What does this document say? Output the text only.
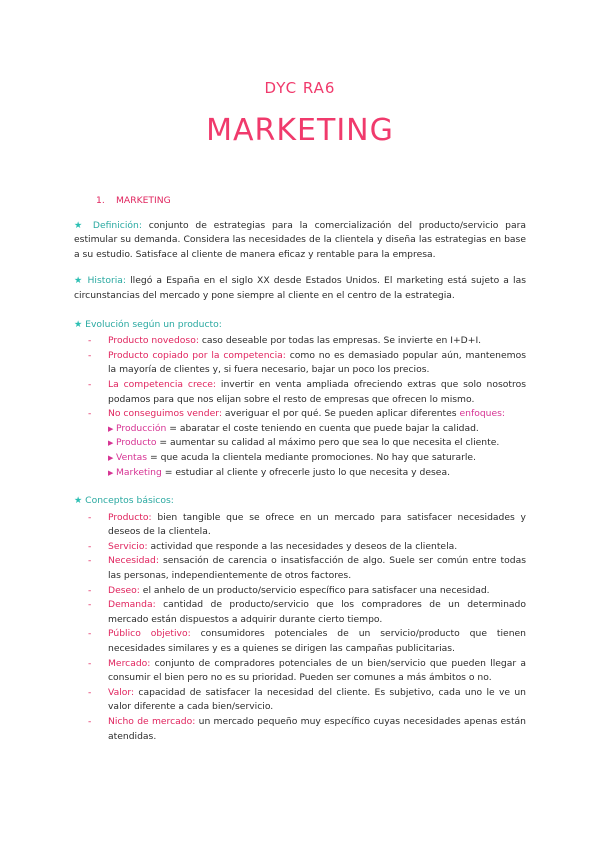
DYC RA6
MARKETING
1. MARKETING

★ Definición: conjunto de estrategias para la comercialización del producto/servicio para estimular su demanda. Considera las necesidades de la clientela y diseña las estrategias en base a su estudio. Satisface al cliente de manera eficaz y rentable para la empresa.

★ Historia: llegó a España en el siglo XX desde Estados Unidos. El marketing está sujeto a las circunstancias del mercado y pone siempre al cliente en el centro de la estrategia.

★ Evolución según un producto:

- Producto novedoso: caso deseable por todas las empresas. Se invierte en I+D+I.
- Producto copiado por la competencia: como no es demasiado popular aún, mantenemos la mayoría de clientes y, si fuera necesario, bajar un poco los precios.
- La competencia crece: invertir en venta ampliada ofreciendo extras que solo nosotros podamos para que nos elijan sobre el resto de empresas que ofrecen lo mismo.
- No conseguimos vender: averiguar el por qué. Se pueden aplicar diferentes enfoques:
▶ Producción = abaratar el coste teniendo en cuenta que puede bajar la calidad.
▶ Producto = aumentar su calidad al máximo pero que sea lo que necesita el cliente.
▶ Ventas = que acuda la clientela mediante promociones. No hay que saturarle.
▶ Marketing = estudiar al cliente y ofrecerle justo lo que necesita y desea.

★ Conceptos básicos:

- Producto: bien tangible que se ofrece en un mercado para satisfacer necesidades y deseos de la clientela.
- Servicio: actividad que responde a las necesidades y deseos de la clientela.
- Necesidad: sensación de carencia o insatisfacción de algo. Suele ser común entre todas las personas, independientemente de otros factores.
- Deseo: el anhelo de un producto/servicio específico para satisfacer una necesidad.
- Demanda: cantidad de producto/servicio que los compradores de un determinado mercado están dispuestos a adquirir durante cierto tiempo.
- Público objetivo: consumidores potenciales de un servicio/producto que tienen necesidades similares y es a quienes se dirigen las campañas publicitarias.
- Mercado: conjunto de compradores potenciales de un bien/servicio que pueden llegar a consumir el bien pero no es su prioridad. Pueden ser comunes a más ámbitos o no.
- Valor: capacidad de satisfacer la necesidad del cliente. Es subjetivo, cada uno le ve un valor diferente a cada bien/servicio.
- Nicho de mercado: un mercado pequeño muy específico cuyas necesidades apenas están atendidas.
